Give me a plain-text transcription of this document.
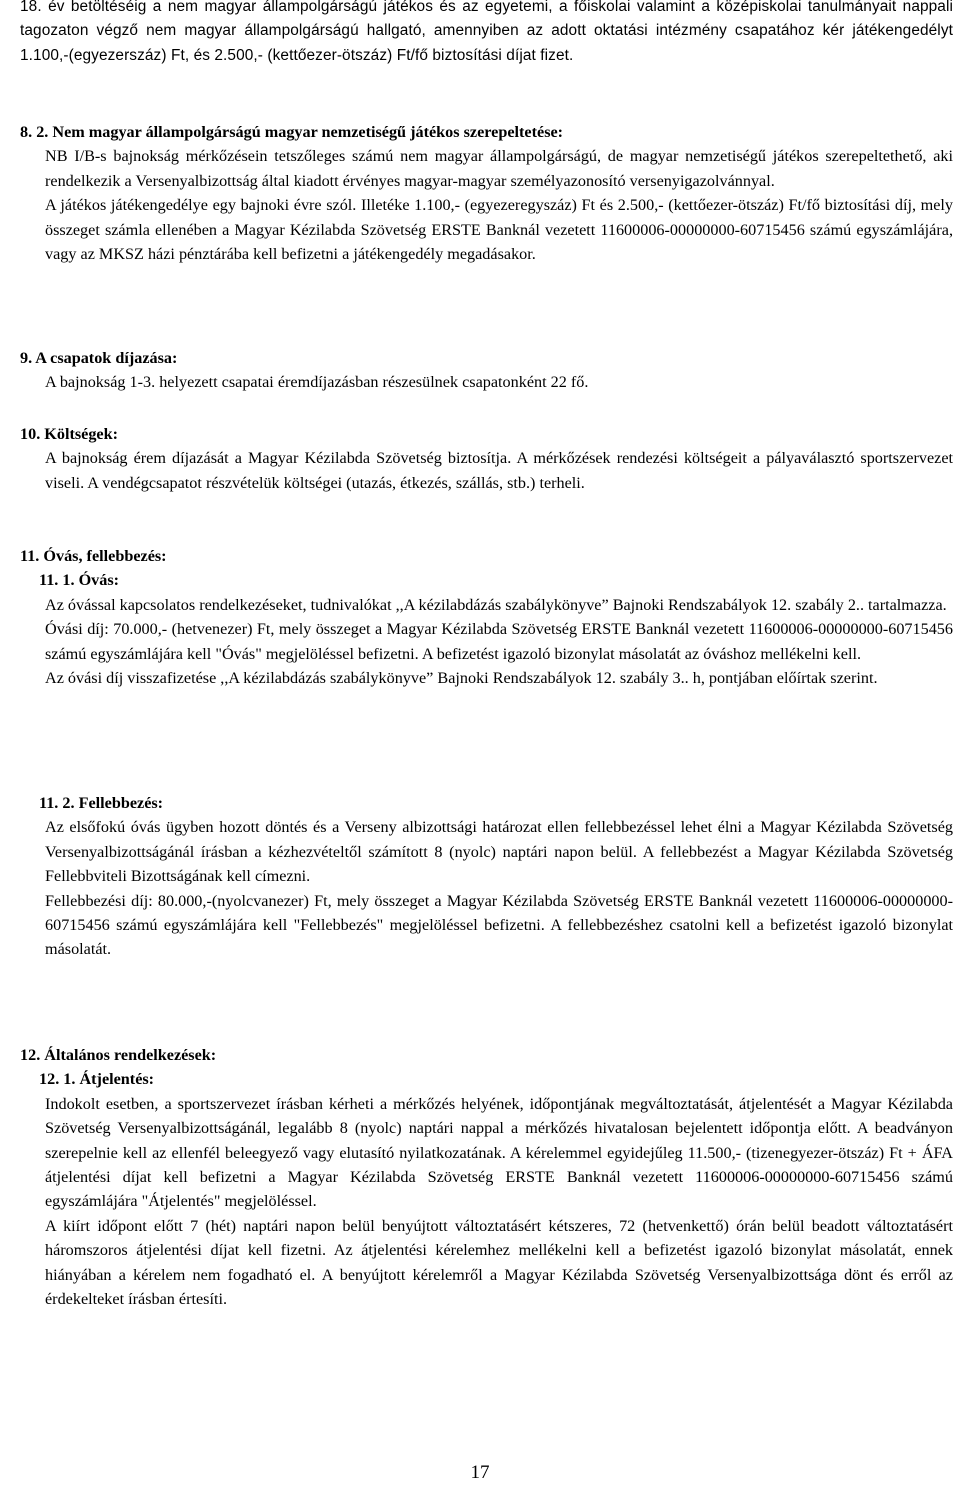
18. év betöltéséig a nem magyar állampolgárságú játékos és az egyetemi, a főiskolai valamint a középiskolai tanulmányait nappali tagozaton végző nem magyar állampolgárságú hallgató, amennyiben az adott oktatási intézmény csapatához kér játékengedélyt 1.100,-(egyezerszáz) Ft, és 2.500,- (kettőezer-ötszáz) Ft/fő biztosítási díjat fizet.

8. 2. Nem magyar állampolgárságú magyar nemzetiségű játékos szerepeltetése:

NB I/B-s bajnokság mérkőzésein tetszőleges számú nem magyar állampolgárságú, de magyar nemzetiségű játékos szerepeltethető, aki rendelkezik a Versenyalbizottság által kiadott érvényes magyar-magyar személyazonosító versenyigazolvánnyal.

A játékos játékengedélye egy bajnoki évre szól. Illetéke 1.100,- (egyezeregyszáz) Ft és 2.500,- (kettőezer-ötszáz) Ft/fő biztosítási díj, mely összeget számla ellenében a Magyar Kézilabda Szövetség ERSTE Banknál vezetett 11600006-00000000-60715456 számú egyszámlájára, vagy az MKSZ házi pénztárába kell befizetni a játékengedély megadásakor.

9. A csapatok díjazása:

A bajnokság 1-3. helyezett csapatai éremdíjazásban részesülnek csapatonként 22 fő.

10. Költségek:

A bajnokság érem díjazását a Magyar Kézilabda Szövetség biztosítja. A mérkőzések rendezési költségeit a pályaválasztó sportszervezet viseli. A vendégcsapatot részvételük költségei (utazás, étkezés, szállás, stb.) terheli.

11. Óvás, fellebbezés:

11. 1. Óvás:

Az óvással kapcsolatos rendelkezéseket, tudnivalókat ,,A kézilabdázás szabálykönyve” Bajnoki Rendszabályok 12. szabály 2.. tartalmazza.

Óvási díj: 70.000,- (hetvenezer) Ft, mely összeget a Magyar Kézilabda Szövetség ERSTE Banknál vezetett 11600006-00000000-60715456 számú egyszámlájára kell "Óvás" megjelöléssel befizetni. A befizetést igazoló bizonylat másolatát az óváshoz mellékelni kell.

Az óvási díj visszafizetése ,,A kézilabdázás szabálykönyve” Bajnoki Rendszabályok 12. szabály 3.. h, pontjában előírtak szerint.

11. 2. Fellebbezés:

Az elsőfokú óvás ügyben hozott döntés és a Verseny albizottsági határozat ellen fellebbezéssel lehet élni a Magyar Kézilabda Szövetség Versenyalbizottságánál írásban a kézhezvételtől számított 8 (nyolc) naptári napon belül. A fellebbezést a Magyar Kézilabda Szövetség Fellebbviteli Bizottságának kell címezni.

Fellebbezési díj: 80.000,-(nyolcvanezer) Ft, mely összeget a Magyar Kézilabda Szövetség ERSTE Banknál vezetett 11600006-00000000-60715456 számú egyszámlájára kell "Fellebbezés" megjelöléssel befizetni. A fellebbezéshez csatolni kell a befizetést igazoló bizonylat másolatát.

12. Általános rendelkezések:

12. 1. Átjelentés:

Indokolt esetben, a sportszervezet írásban kérheti a mérkőzés helyének, időpontjának megváltoztatását, átjelentését a Magyar Kézilabda Szövetség Versenyalbizottságánál, legalább 8 (nyolc) naptári nappal a mérkőzés hivatalosan bejelentett időpontja előtt. A beadványon szerepelnie kell az ellenfél beleegyező vagy elutasító nyilatkozatának. A kérelemmel egyidejűleg 11.500,- (tizenegyezer-ötszáz) Ft + ÁFA átjelentési díjat kell befizetni a Magyar Kézilabda Szövetség ERSTE Banknál vezetett 11600006-00000000-60715456 számú egyszámlájára "Átjelentés" megjelöléssel.

A kiírt időpont előtt 7 (hét) naptári napon belül benyújtott változtatásért kétszeres, 72 (hetvenkettő) órán belül beadott változtatásért háromszoros átjelentési díjat kell fizetni. Az átjelentési kérelemhez mellékelni kell a befizetést igazoló bizonylat másolatát, ennek hiányában a kérelem nem fogadható el. A benyújtott kérelemről a Magyar Kézilabda Szövetség Versenyalbizottsága dönt és erről az érdekelteket írásban értesíti.

17
